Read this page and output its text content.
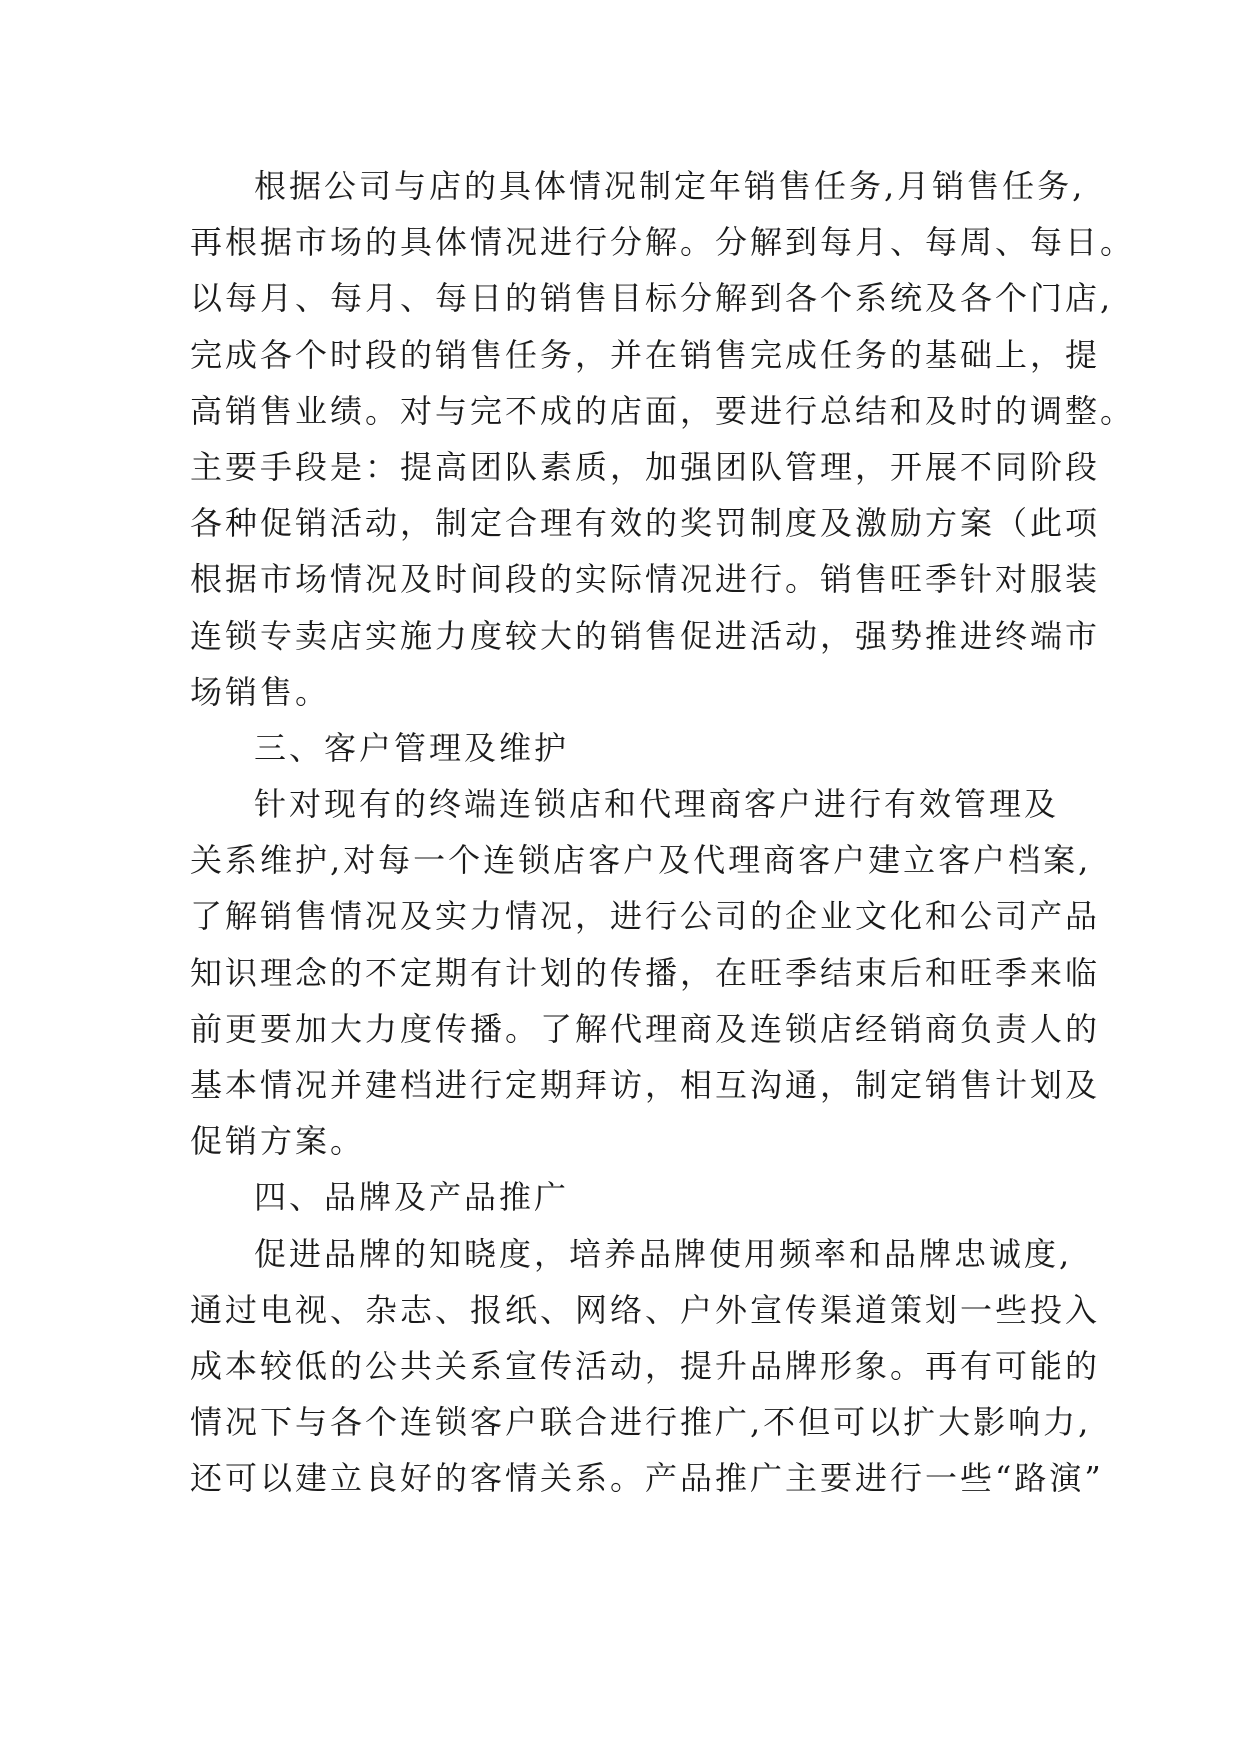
根据公司与店的具体情况制定年销售任务,月销售任务,
再根据市场的具体情况进行分解。分解到每月、每周、每日。
以每月、每月、每日的销售目标分解到各个系统及各个门店,
完成各个时段的销售任务，并在销售完成任务的基础上，提
高销售业绩。对与完不成的店面，要进行总结和及时的调整。
主要手段是：提高团队素质，加强团队管理，开展不同阶段
各种促销活动，制定合理有效的奖罚制度及激励方案（此项
根据市场情况及时间段的实际情况进行。销售旺季针对服装
连锁专卖店实施力度较大的销售促进活动，强势推进终端市
场销售。
三、客户管理及维护
针对现有的终端连锁店和代理商客户进行有效管理及
关系维护,对每一个连锁店客户及代理商客户建立客户档案,
了解销售情况及实力情况，进行公司的企业文化和公司产品
知识理念的不定期有计划的传播，在旺季结束后和旺季来临
前更要加大力度传播。了解代理商及连锁店经销商负责人的
基本情况并建档进行定期拜访，相互沟通，制定销售计划及
促销方案。
四、品牌及产品推广
促进品牌的知晓度，培养品牌使用频率和品牌忠诚度,
通过电视、杂志、报纸、网络、户外宣传渠道策划一些投入
成本较低的公共关系宣传活动，提升品牌形象。再有可能的
情况下与各个连锁客户联合进行推广,不但可以扩大影响力,
还可以建立良好的客情关系。产品推广主要进行一些“路演”
